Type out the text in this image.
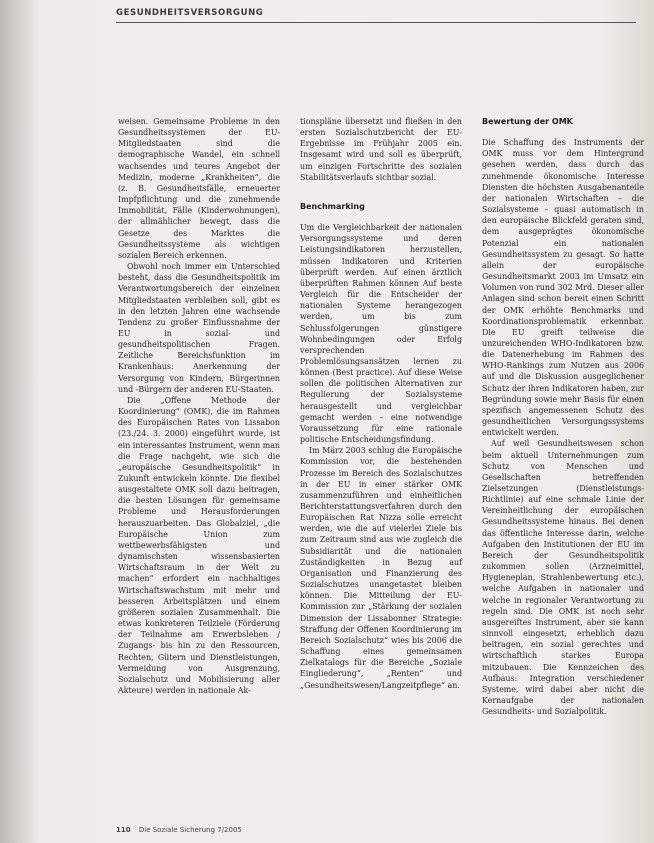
GESUNDHEITSVERSORGUNG

weisen. Gemeinsame Probleme in den Gesundheitssystemen der EU-Mitgliedstaaten sind die demographische Wandel, ein schnell wachsendes und teures Angebot der Medizin, moderne „Krankheiten“, die (z. B. Gesundheitsfälle, erneuerter Impfpflichtung und die zunehmende Immobilität, Fälle (Kinderwohnungen), der allmählicher bewegt, dass die Gesetze des Marktes die Gesundheitssysteme als wichtigen sozialen Bereich erkennen.

Obwohl noch immer ein Unterschied besteht, dass die Gesundheitspolitik im Verantwortungsbereich der einzelnen Mitgliedstaaten verbleiben soll, gibt es in den letzten Jahren eine wachsende Tendenz zu großer Einflussnahme der EU in sozial- und gesundheitspolitischen Fragen. Zeitliche Bereichsfunktion im Krankenhaus: Anerkennung der Versorgung von Kindern, Bürgerinnen und -Bürgern der anderen EU-Staaten.

Die „Offene Methode der Koordinierung“ (OMK), die im Rahmen des Europäischen Rates von Lissabon (23./24. 3. 2000) eingeführt wurde, ist ein interessantes Instrument, wenn man die Frage nachgeht, wie sich die „europäische Gesundheitspolitik“ in Zukunft entwickeln könnte. Die flexibel ausgestaltete OMK soll dazu beitragen, die besten Lösungen für gemeinsame Probleme und Herausforderungen herauszuarbeiten. Das Globalziel, „die Europäische Union zum wettbewerbsfähigsten und dynamischsten wissensbasierten Wirtschaftsraum in der Welt zu machen“ erfordert ein nachhaltiges Wirtschaftswachstum mit mehr und besseren Arbeitsplätzen und einem größeren sozialen Zusammenhalt. Die etwas konkreteren Teilziele (Förderung der Teilnahme am Erwerbsleben / Zugangs- bis hin zu den Ressourcen, Rechten, Gütern und Dienstleistungen, Vermeidung von Ausgrenzung, Sozialschutz und Mobilisierung aller Akteure) werden in nationale Ak-

tionspläne übersetzt und fließen in den ersten Sozialschutzbericht der EU-Ergebnisse im Frühjahr 2005 ein. Insgesamt wird und soll es überprüft, um einzigen Fortschritte des sozialen Stabilitätsverlaufs sichtbar sozial.

Benchmarking

Um die Vergleichbarkeit der nationalen Versorgungssysteme und deren Leistungsindikatoren herzustellen, müssen Indikatoren und Kriterien überprüft werden. Auf einen ärztlich überprüften Rahmen können Auf beste Vergleich für die Entscheider der nationalen Systeme herangezogen werden, um bis zum Schlussfolgerungen günstigere Wohnbedingungen oder Erfolg versprechenden Problemlösungsansätzen lernen zu können (Best practice). Auf diese Weise sollen die politischen Alternativen zur Regulierung der Sozialsysteme herausgestellt und vergleichbar gemacht werden – eine notwendige Voraussetzung für eine rationale politische Entscheidungsfindung.

Im März 2003 schlug die Europäische Kommission vor, die bestehenden Prozesse im Bereich des Sozialschutzes in der EU in einer stärker OMK zusammenzuführen und einheitlichen Berichterstattungsverfahren durch den Europäischen Rat Nizza solle erreicht werden, wie die auf vielerlei Ziele bis zum Zeitraum sind aus wie zugleich die Subsidiarität und die nationalen Zuständigkeiten in Bezug auf Organisation und Finanzierung des Sozialschutzes unangetastet bleiben können. Die Mitteilung der EU-Kommission zur „Stärkung der sozialen Dimension der Lissabonner Strategie: Straffung der Offenen Koordinierung im Bereich Sozialschutz“ wies bis 2006 die Schaffung eines gemeinsamen Zielkatalogs für die Bereiche „Soziale Eingliederung“, „Renten“ und „Gesundheitswesen/Langzeitpflege“ an.

Bewertung der OMK

Die Schaffung des Instruments der OMK muss vor dem Hintergrund gesehen werden, dass durch das zunehmende ökonomische Interesse Diensten die höchsten Ausgabenanteile der nationalen Wirtschaften – die Sozialsysteme – quasi automatisch in den europäische Blickfeld geraten sind, dem ausgeprägtes ökonomische Potenzial ein nationalen Gesundheitssystem zu gesagt. So hatte allein der europäische Gesundheitsmarkt 2003 im Umsatz ein Volumen von rund 302 Mrd. Dieser aller Anlagen sind schon bereit einen Schritt der OMK erhöhte Benchmarks und Koordinationsproblematik erkennbar. Die EU greift teilweise die unzureichenden WHO-Indikatoren bzw. die Datenerhebung im Rahmen des WHO-Rankings zum Nutzen aus 2006 auf und die Diskussion ausgeglichener Schutz der ihren Indikatoren haben, zur Begründung sowie mehr Basis für einen spezifisch angemessenen Schutz des gesundheitlichen Versorgungssystems entwickelt werden.

Auf weil Gesundheitswesen schon beim aktuell Unternehmungen zum Schutz von Menschen und Gesellschaften betreffenden Zielsetzungen (Dienstleistungs-Richtlinie) auf eine schmale Linie der Vereinheitlichung der europäischen Gesundheitssysteme hinaus. Bei denen das öffentliche Interesse darin, welche Aufgaben den Institutionen der EU im Bereich der Gesundheitspolitik zukommen sollen (Arzneimittel, Hygieneplan, Strahlenbewertung etc.), welche Aufgaben in nationaler und welche in regionaler Verantwortung zu regeln sind. Die OMK ist noch sehr ausgereiftes Instrument, aber sie kann sinnvoll eingesetzt, erheblich dazu beitragen, ein sozial gerechtes und wirtschaftlich starkes Europa mitzubauen. Die Kennzeichen des Aufbaus: Integration verschiedener Systeme, wird dabei aber nicht die Kernaufgabe der nationalen Gesundheits- und Sozialpolitik.

110 Die Soziale Sicherung 7/2005
